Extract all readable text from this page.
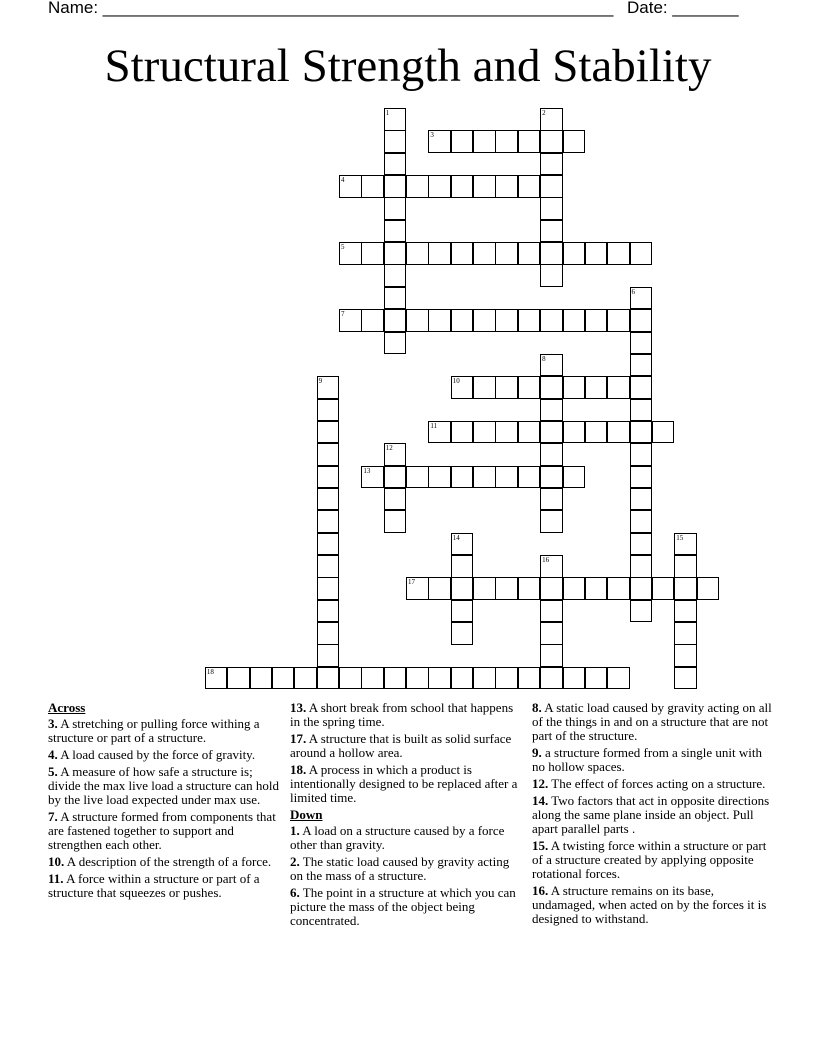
Name: ______________________________________________________ Date: _______
Structural Strength and Stability
3
4
5
7
10
11
13
17
18
1	2
6
8
9
12
14	15
16
Across
3. A stretching or pulling force withing a structure or part of a structure.
4. A load caused by the force of gravity.
5. A measure of how safe a structure is; divide the max live load a structure can hold by the live load expected under max use.
7. A structure formed from components that are fastened together to support and strengthen each other.
10. A description of the strength of a force.
11. A force within a structure or part of a structure that squeezes or pushes.
13. A short break from school that happens in the spring time.
17. A structure that is built as solid surface around a hollow area.
18. A process in which a product is intentionally designed to be replaced after a limited time.
Down
1. A load on a structure caused by a force other than gravity.
2. The static load caused by gravity acting on the mass of a structure.
6. The point in a structure at which you can picture the mass of the object being concentrated.
8. A static load caused by gravity acting on all of the things in and on a structure that are not part of the structure.
9. a structure formed from a single unit with no hollow spaces.
12. The effect of forces acting on a structure.
14. Two factors that act in opposite directions along the same plane inside an object. Pull apart parallel parts .
15. A twisting force within a structure or part of a structure created by applying opposite rotational forces.
16. A structure remains on its base, undamaged, when acted on by the forces it is designed to withstand.
